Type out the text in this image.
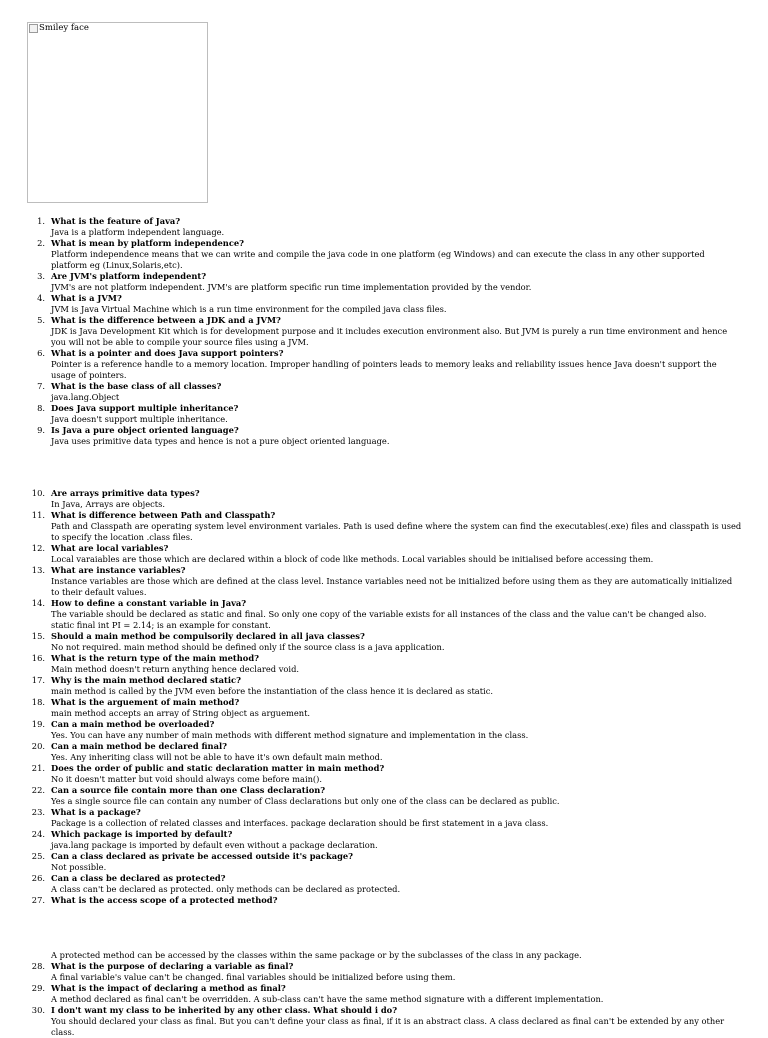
Smiley face
1. What is the feature of Java?
Java is a platform independent language.
2. What is mean by platform independence?
Platform independence means that we can write and compile the java code in one platform (eg Windows) and can execute the class in any other supported platform eg (Linux,Solaris,etc).
3. Are JVM's platform independent?
JVM's are not platform independent. JVM's are platform specific run time implementation provided by the vendor.
4. What is a JVM?
JVM is Java Virtual Machine which is a run time environment for the compiled java class files.
5. What is the difference between a JDK and a JVM?
JDK is Java Development Kit which is for development purpose and it includes execution environment also. But JVM is purely a run time environment and hence you will not be able to compile your source files using a JVM.
6. What is a pointer and does Java support pointers?
Pointer is a reference handle to a memory location. Improper handling of pointers leads to memory leaks and reliability issues hence Java doesn't support the usage of pointers.
7. What is the base class of all classes?
java.lang.Object
8. Does Java support multiple inheritance?
Java doesn't support multiple inheritance.
9. Is Java a pure object oriented language?
Java uses primitive data types and hence is not a pure object oriented language.
10. Are arrays primitive data types?
In Java, Arrays are objects.
11. What is difference between Path and Classpath?
Path and Classpath are operating system level environment variales. Path is used define where the system can find the executables(.exe) files and classpath is used to specify the location .class files.
12. What are local variables?
Local varaiables are those which are declared within a block of code like methods. Local variables should be initialised before accessing them.
13. What are instance variables?
Instance variables are those which are defined at the class level. Instance variables need not be initialized before using them as they are automatically initialized to their default values.
14. How to define a constant variable in Java?
The variable should be declared as static and final. So only one copy of the variable exists for all instances of the class and the value can't be changed also.
static final int PI = 2.14; is an example for constant.
15. Should a main method be compulsorily declared in all java classes?
No not required. main method should be defined only if the source class is a java application.
16. What is the return type of the main method?
Main method doesn't return anything hence declared void.
17. Why is the main method declared static?
main method is called by the JVM even before the instantiation of the class hence it is declared as static.
18. What is the arguement of main method?
main method accepts an array of String object as arguement.
19. Can a main method be overloaded?
Yes. You can have any number of main methods with different method signature and implementation in the class.
20. Can a main method be declared final?
Yes. Any inheriting class will not be able to have it's own default main method.
21. Does the order of public and static declaration matter in main method?
No it doesn't matter but void should always come before main().
22. Can a source file contain more than one Class declaration?
Yes a single source file can contain any number of Class declarations but only one of the class can be declared as public.
23. What is a package?
Package is a collection of related classes and interfaces. package declaration should be first statement in a java class.
24. Which package is imported by default?
java.lang package is imported by default even without a package declaration.
25. Can a class declared as private be accessed outside it's package?
Not possible.
26. Can a class be declared as protected?
A class can't be declared as protected. only methods can be declared as protected.
27. What is the access scope of a protected method?
A protected method can be accessed by the classes within the same package or by the subclasses of the class in any package.
28. What is the purpose of declaring a variable as final?
A final variable's value can't be changed. final variables should be initialized before using them.
29. What is the impact of declaring a method as final?
A method declared as final can't be overridden. A sub-class can't have the same method signature with a different implementation.
30. I don't want my class to be inherited by any other class. What should i do?
You should declared your class as final. But you can't define your class as final, if it is an abstract class. A class declared as final can't be extended by any other class.
